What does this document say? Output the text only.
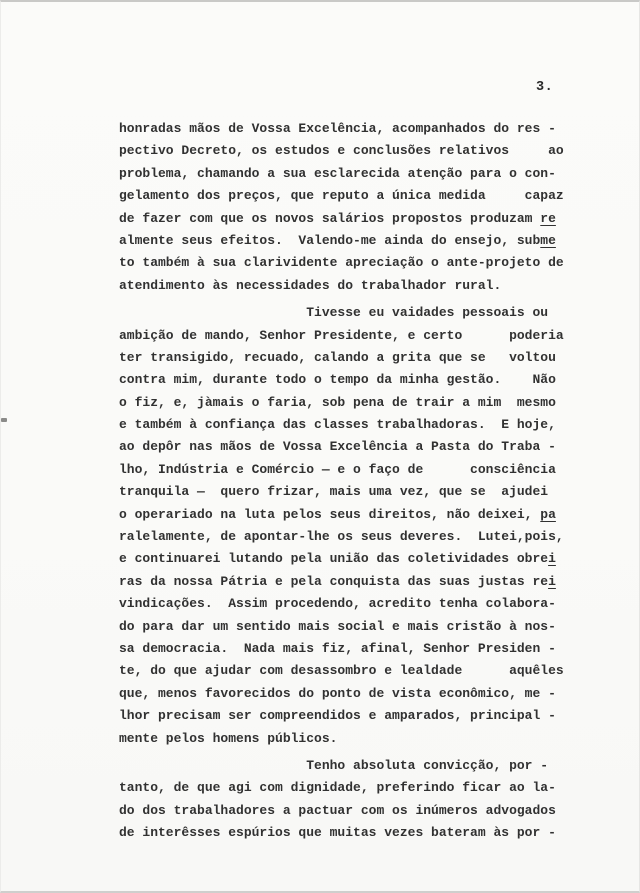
3.
honradas mãos de Vossa Excelência, acompanhados do res -
pectivo Decreto, os estudos e conclusões relativos     ao
problema, chamando a sua esclarecida atenção para o con-
gelamento dos preços, que reputo a única medida     capaz
de fazer com que os novos salários propostos produzam re
almente seus efeitos.  Valendo-me ainda do ensejo, subme
to também à sua clarividente apreciação o ante-projeto de
atendimento às necessidades do trabalhador rural.
Tivesse eu vaidades pessoais ou
ambição de mando, Senhor Presidente, e certo      poderia
ter transigido, recuado, calando a grita que se   voltou
contra mim, durante todo o tempo da minha gestão.    Não
o fiz, e, jàmais o faria, sob pena de trair a mim  mesmo
e também à confiança das classes trabalhadoras.  E hoje,
ao depôr nas mãos de Vossa Excelência a Pasta do Traba -
lho, Indústria e Comércio — e o faço de      consciência
tranquila —  quero frizar, mais uma vez, que se  ajudei
o operariado na luta pelos seus direitos, não deixei, pa
ralelamente, de apontar-lhe os seus deveres.  Lutei,pois,
e continuarei lutando pela união das coletividades obrei
ras da nossa Pátria e pela conquista das suas justas rei
vindicações.  Assim procedendo, acredito tenha colabora-
do para dar um sentido mais social e mais cristão à nos-
sa democracia.  Nada mais fiz, afinal, Senhor Presiden -
te, do que ajudar com desassombro e lealdade      aquêles
que, menos favorecidos do ponto de vista econômico, me -
lhor precisam ser compreendidos e amparados, principal -
mente pelos homens públicos.
Tenho absoluta convicção, por -
tanto, de que agi com dignidade, preferindo ficar ao la-
do dos trabalhadores a pactuar com os inúmeros advogados
de interêsses espúrios que muitas vezes bateram às por -
